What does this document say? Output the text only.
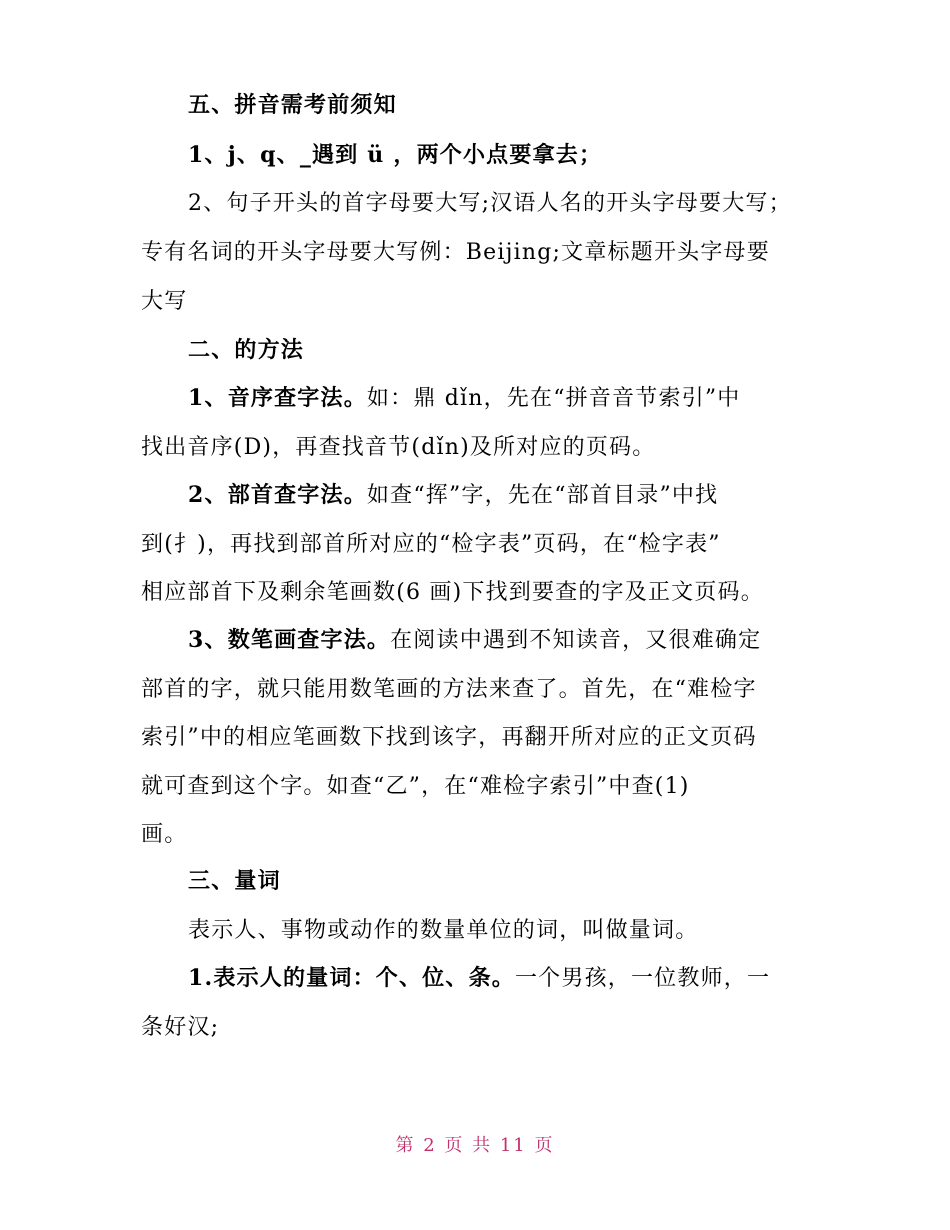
五、拼音需考前须知
1、j、q、_遇到 ü ，两个小点要拿去；
2、句子开头的首字母要大写;汉语人名的开头字母要大写；
专有名词的开头字母要大写例：Beijing;文章标题开头字母要
大写
二、的方法
1、音序查字法。如：鼎 dǐn，先在“拼音音节索引”中
找出音序(D)，再查找音节(dǐn)及所对应的页码。
2、部首查字法。如查“挥”字，先在“部首目录”中找
到(扌)，再找到部首所对应的“检字表”页码，在“检字表”
相应部首下及剩余笔画数(6 画)下找到要查的字及正文页码。
3、数笔画查字法。在阅读中遇到不知读音，又很难确定
部首的字，就只能用数笔画的方法来查了。首先，在“难检字
索引”中的相应笔画数下找到该字，再翻开所对应的正文页码
就可查到这个字。如查“乙”，在“难检字索引”中查(1)
画。
三、量词
表示人、事物或动作的数量单位的词，叫做量词。
1.表示人的量词：个、位、条。一个男孩，一位教师，一
条好汉;
第 2 页 共 11 页
